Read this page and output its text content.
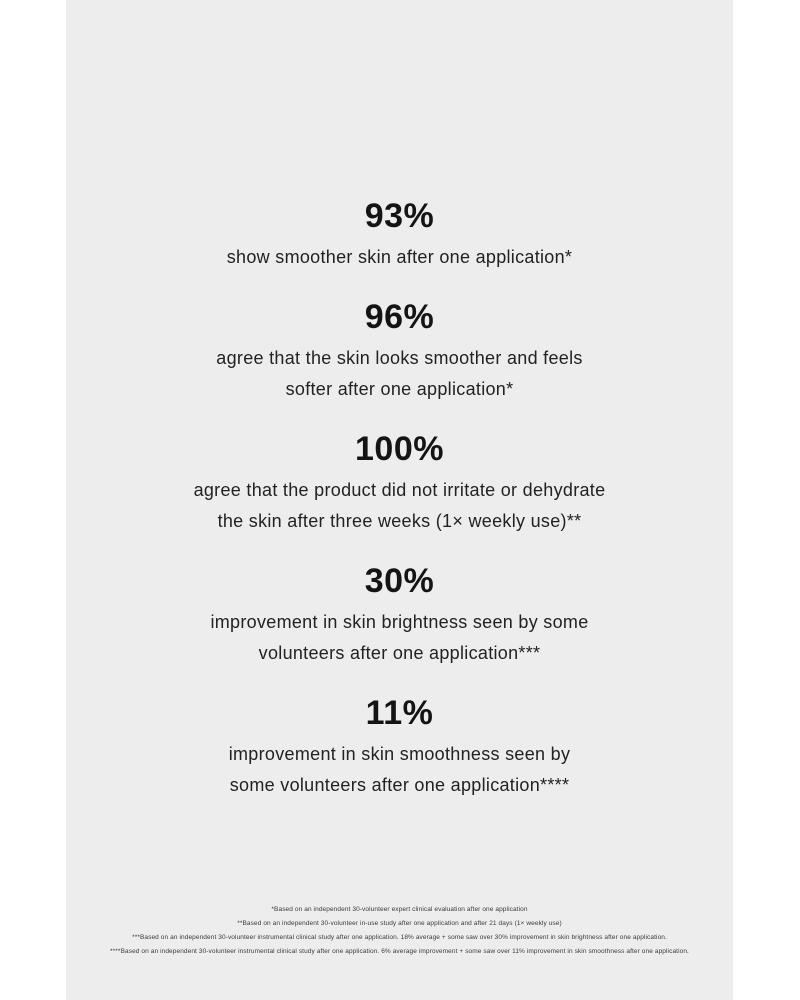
93%
show smoother skin after one application*
96%
agree that the skin looks smoother and feels
softer after one application*
100%
agree that the product did not irritate or dehydrate
the skin after three weeks (1× weekly use)**
30%
improvement in skin brightness seen by some
volunteers after one application***
11%
improvement in skin smoothness seen by
some volunteers after one application****
*Based on an independent 30-volunteer expert clinical evaluation after one application
**Based on an independent 30-volunteer in-use study after one application and after 21 days (1× weekly use)
***Based on an independent 30-volunteer instrumental clinical study after one application. 18% average + some saw over 30% improvement in skin brightness after one application.
****Based on an independent 30-volunteer instrumental clinical study after one application. 6% average improvement + some saw over 11% improvement in skin smoothness after one application.
